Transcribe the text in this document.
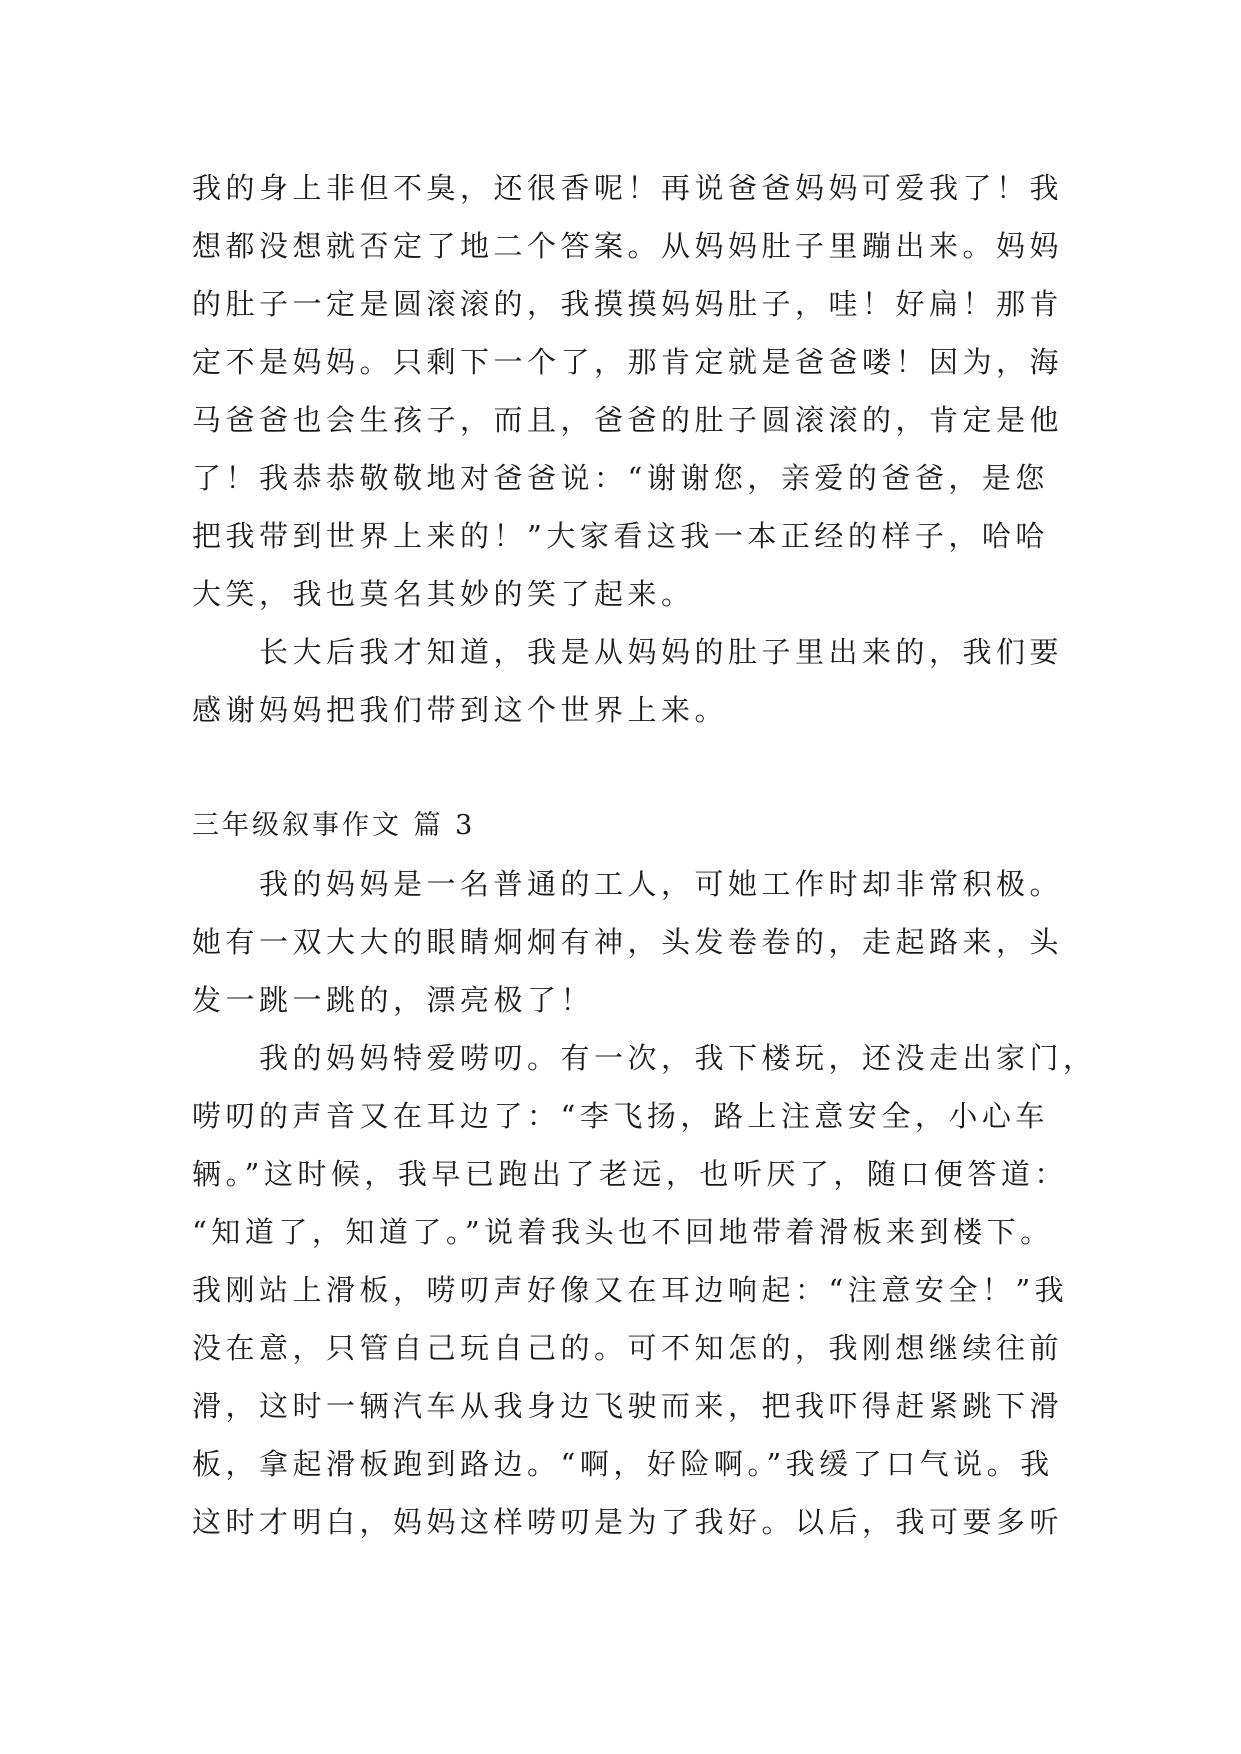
我的身上非但不臭，还很香呢！再说爸爸妈妈可爱我了！我
想都没想就否定了地二个答案。从妈妈肚子里蹦出来。妈妈
的肚子一定是圆滚滚的，我摸摸妈妈肚子，哇！好扁！那肯
定不是妈妈。只剩下一个了，那肯定就是爸爸喽！因为，海
马爸爸也会生孩子，而且，爸爸的肚子圆滚滚的，肯定是他
了！我恭恭敬敬地对爸爸说：“谢谢您，亲爱的爸爸，是您
把我带到世界上来的！”大家看这我一本正经的样子，哈哈
大笑，我也莫名其妙的笑了起来。
　　长大后我才知道，我是从妈妈的肚子里出来的，我们要
感谢妈妈把我们带到这个世界上来。
三年级叙事作文 篇 3
　　我的妈妈是一名普通的工人，可她工作时却非常积极。
她有一双大大的眼睛炯炯有神，头发卷卷的，走起路来，头
发一跳一跳的，漂亮极了！
　　我的妈妈特爱唠叨。有一次，我下楼玩，还没走出家门，
唠叨的声音又在耳边了：“李飞扬，路上注意安全，小心车
辆。”这时候，我早已跑出了老远，也听厌了，随口便答道：
“知道了，知道了。”说着我头也不回地带着滑板来到楼下。
我刚站上滑板，唠叨声好像又在耳边响起：“注意安全！”我
没在意，只管自己玩自己的。可不知怎的，我刚想继续往前
滑，这时一辆汽车从我身边飞驶而来，把我吓得赶紧跳下滑
板，拿起滑板跑到路边。“啊，好险啊。”我缓了口气说。我
这时才明白，妈妈这样唠叨是为了我好。以后，我可要多听
